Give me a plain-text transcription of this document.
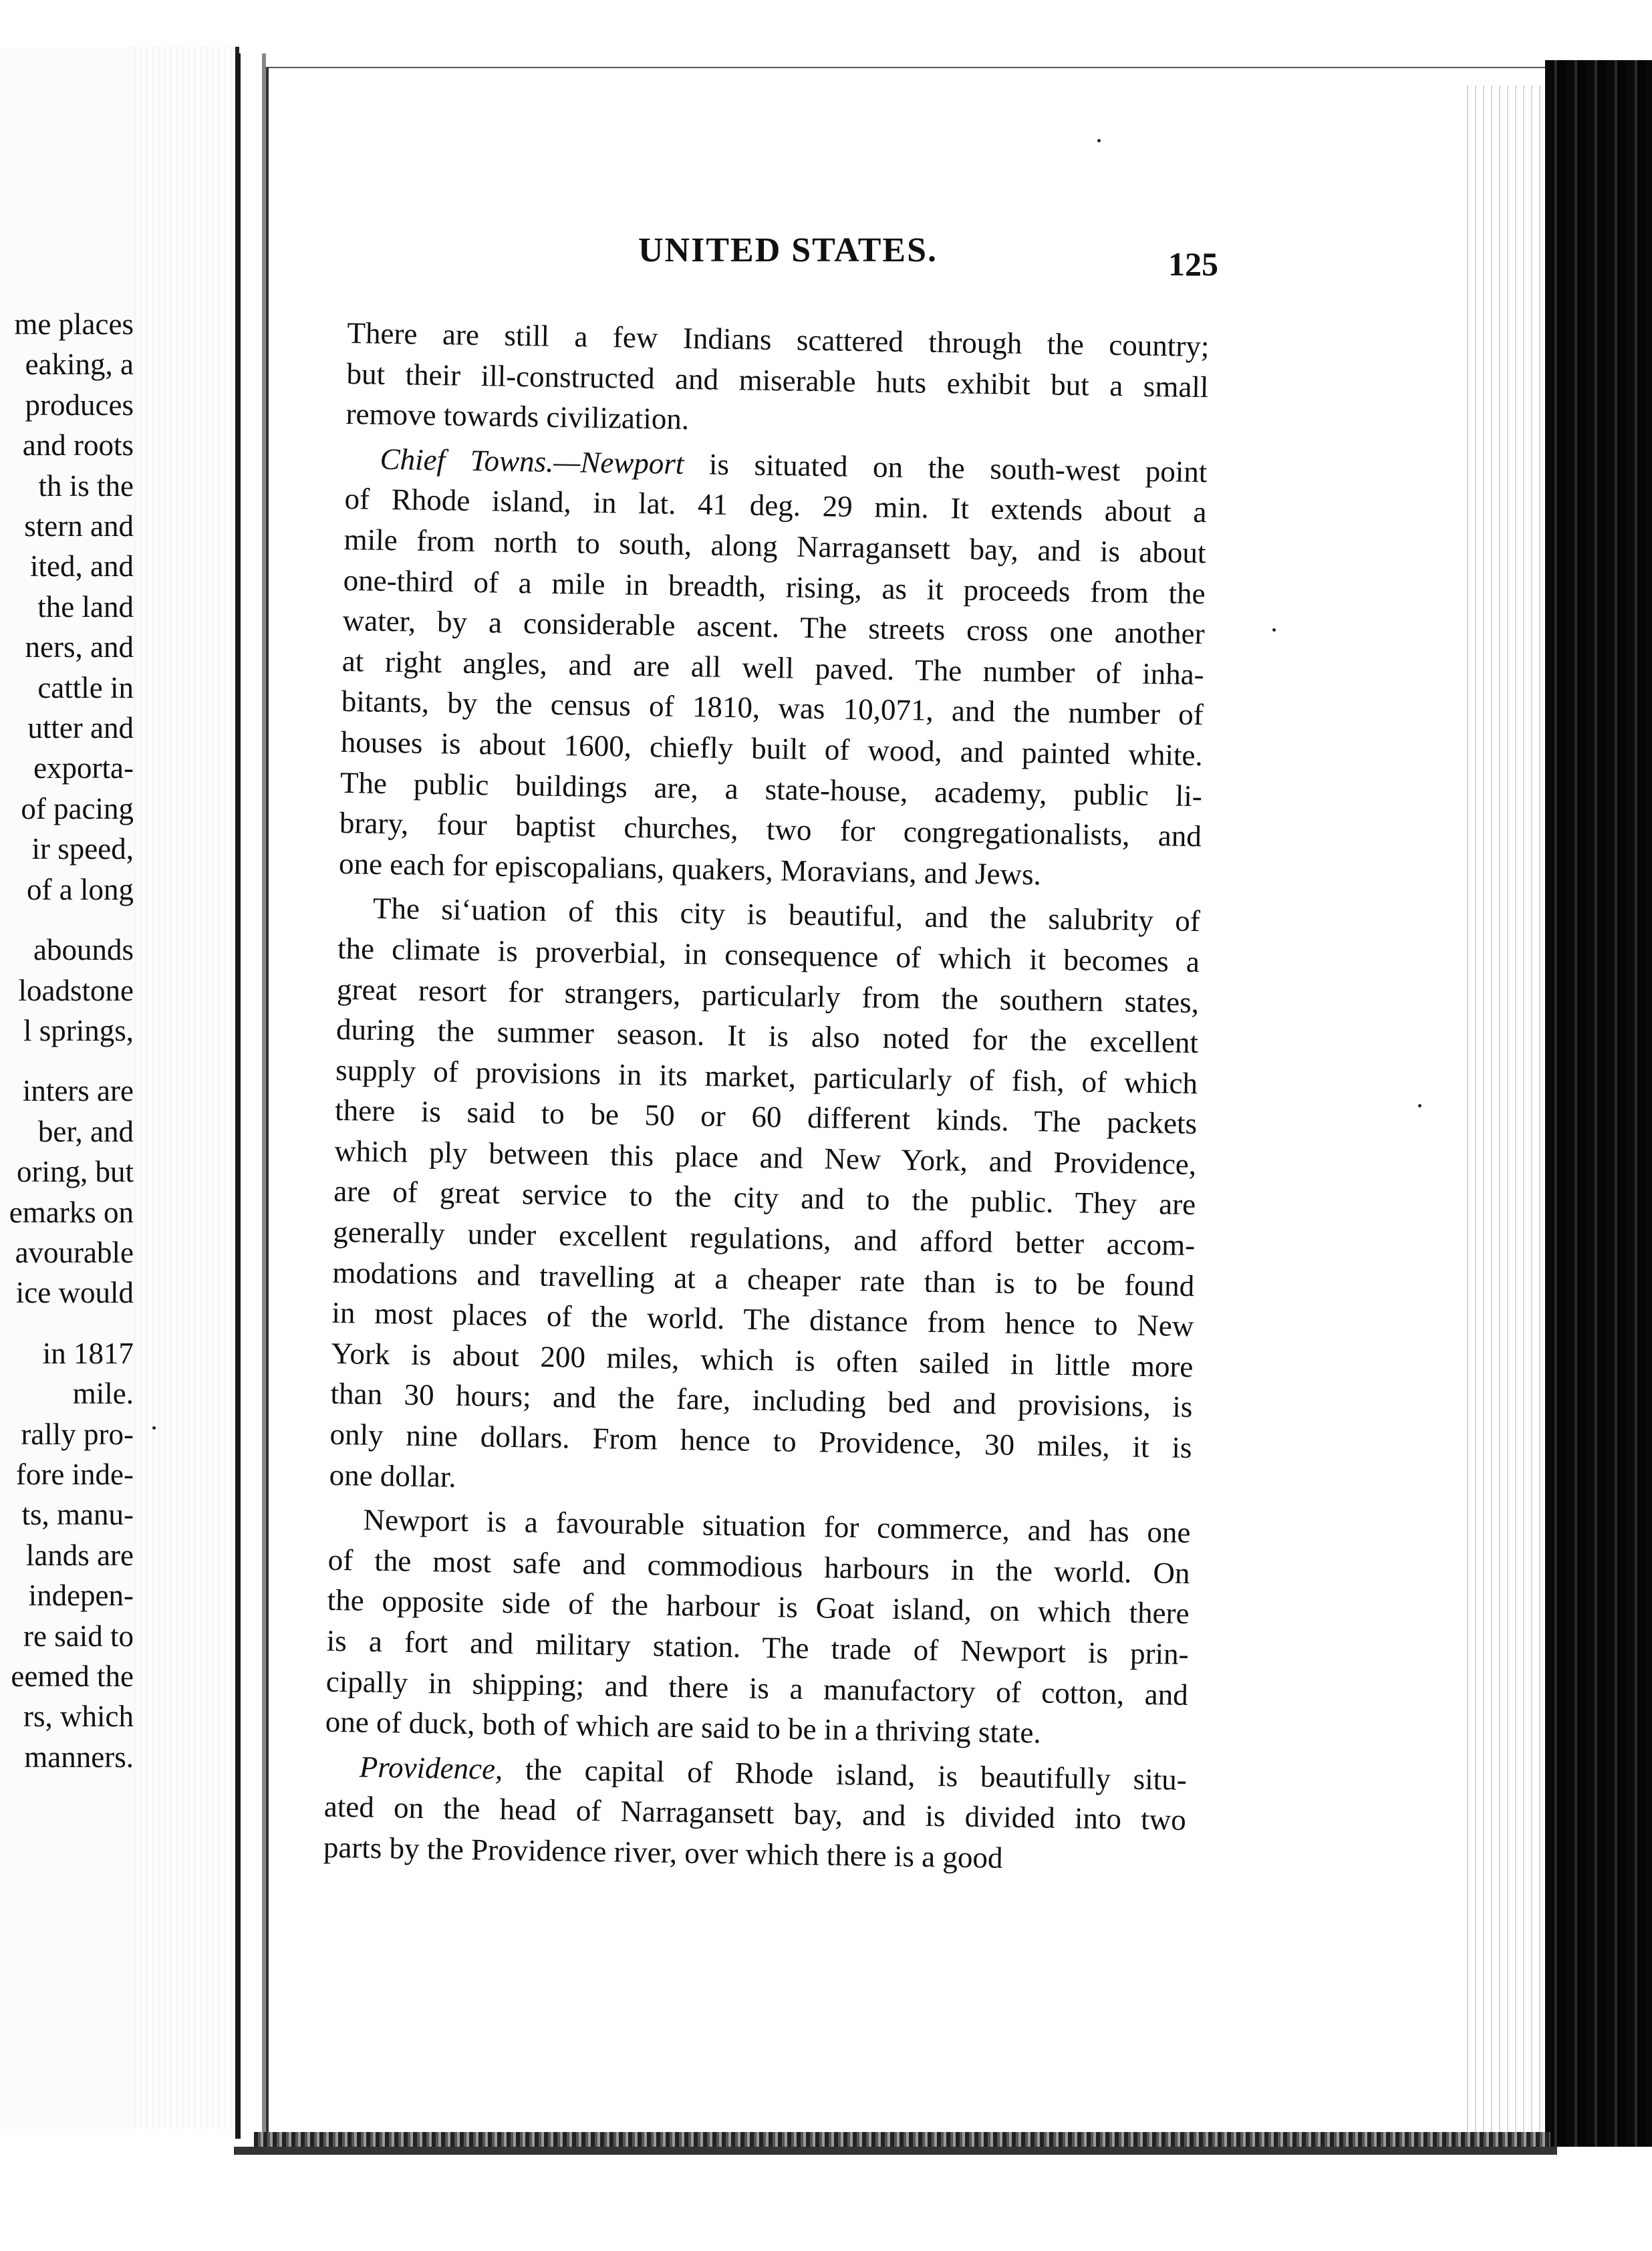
me places
eaking, a
produces
and roots
th is the
stern and
ited, and
the land
ners, and
cattle in
utter and
exporta-
of pacing
ir speed,
of a long
abounds
loadstone
l springs,
inters are
ber, and
oring, but
emarks on
avourable
ice would
in 1817
mile.
rally pro-
fore inde-
ts, manu-
lands are
indepen-
re said to
eemed the
rs, which
manners.
UNITED STATES.	125
There are still a few Indians scattered through the country;
but their ill-constructed and miserable huts exhibit but a small
remove towards civilization.
Chief Towns.—Newport is situated on the south-west point
of Rhode island, in lat. 41 deg. 29 min. It extends about a
mile from north to south, along Narragansett bay, and is about
one-third of a mile in breadth, rising, as it proceeds from the
water, by a considerable ascent. The streets cross one another
at right angles, and are all well paved. The number of inha-
bitants, by the census of 1810, was 10,071, and the number of
houses is about 1600, chiefly built of wood, and painted white.
The public buildings are, a state-house, academy, public li-
brary, four baptist churches, two for congregationalists, and
one each for episcopalians, quakers, Moravians, and Jews.
The siʻuation of this city is beautiful, and the salubrity of
the climate is proverbial, in consequence of which it becomes a
great resort for strangers, particularly from the southern states,
during the summer season. It is also noted for the excellent
supply of provisions in its market, particularly of fish, of which
there is said to be 50 or 60 different kinds. The packets
which ply between this place and New York, and Providence,
are of great service to the city and to the public. They are
generally under excellent regulations, and afford better accom-
modations and travelling at a cheaper rate than is to be found
in most places of the world. The distance from hence to New
York is about 200 miles, which is often sailed in little more
than 30 hours; and the fare, including bed and provisions, is
only nine dollars. From hence to Providence, 30 miles, it is
one dollar.
Newport is a favourable situation for commerce, and has one
of the most safe and commodious harbours in the world. On
the opposite side of the harbour is Goat island, on which there
is a fort and military station. The trade of Newport is prin-
cipally in shipping; and there is a manufactory of cotton, and
one of duck, both of which are said to be in a thriving state.
Providence, the capital of Rhode island, is beautifully situ-
ated on the head of Narragansett bay, and is divided into two
parts by the Providence river, over which there is a good
